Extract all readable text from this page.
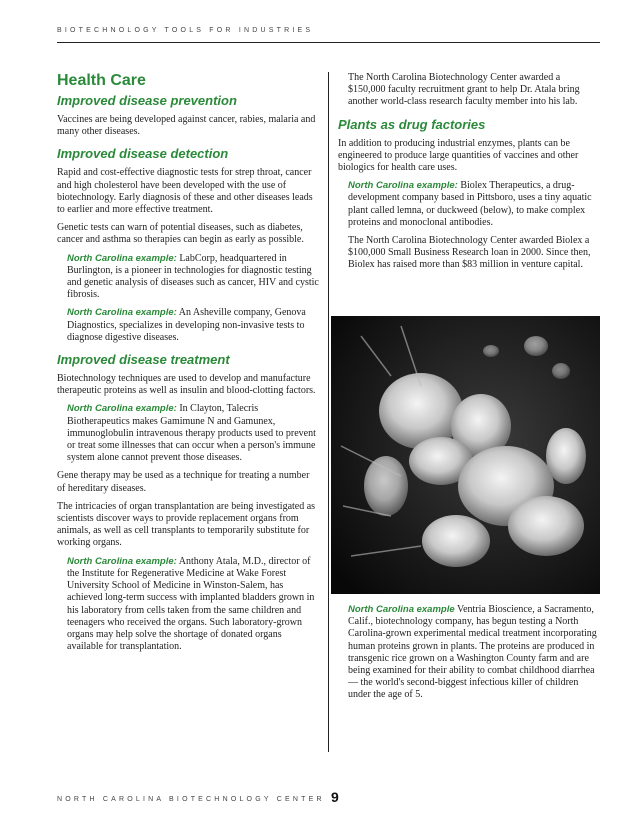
BIOTECHNOLOGY TOOLS FOR INDUSTRIES
Health Care
Improved disease prevention

Vaccines are being developed against cancer, rabies, malaria and many other diseases.

Improved disease detection

Rapid and cost-effective diagnostic tests for strep throat, cancer and high cholesterol have been developed with the use of biotechnology. Early diagnosis of these and other diseases leads to earlier and more effective treatment.

Genetic tests can warn of potential diseases, such as diabetes, cancer and asthma so therapies can begin as early as possible.

North Carolina example: LabCorp, headquartered in Burlington, is a pioneer in technologies for diagnostic testing and genetic analysis of diseases such as cancer, HIV and cystic fibrosis.

North Carolina example: An Asheville company, Genova Diagnostics, specializes in developing non-invasive tests to diagnose digestive diseases.

Improved disease treatment

Biotechnology techniques are used to develop and manufacture therapeutic proteins as well as insulin and blood-clotting factors.

North Carolina example: In Clayton, Talecris Biotherapeutics makes Gamimune N and Gamunex, immunoglobulin intravenous therapy products used to prevent or treat some illnesses that can occur when a person's immune system alone cannot prevent those diseases.

Gene therapy may be used as a technique for treating a number of hereditary diseases.

The intricacies of organ transplantation are being investigated as scientists discover ways to provide replacement organs from animals, as well as cell transplants to temporarily substitute for working organs.

North Carolina example: Anthony Atala, M.D., director of the Institute for Regenerative Medicine at Wake Forest University School of Medicine in Winston-Salem, has achieved long-term success with implanted bladders grown in his laboratory from cells taken from the same children and teenagers who received the organs. Such laboratory-grown organs may help solve the shortage of donated organs available for transplantation.

The North Carolina Biotechnology Center awarded a $150,000 faculty recruitment grant to help Dr. Atala bring another world-class research faculty member into his lab.

Plants as drug factories

In addition to producing industrial enzymes, plants can be engineered to produce large quantities of vaccines and other biologics for health care uses.

North Carolina example: Biolex Therapeutics, a drug-development company based in Pittsboro, uses a tiny aquatic plant called lemna, or duckweed (below), to make complex proteins and monoclonal antibodies.

The North Carolina Biotechnology Center awarded Biolex a $100,000 Small Business Research loan in 2000. Since then, Biolex has raised more than $83 million in venture capital.

North Carolina example Ventria Bioscience, a Sacramento, Calif., biotechnology company, has begun testing a North Carolina-grown experimental medical treatment incorporating human proteins grown in plants. The proteins are produced in transgenic rice grown on a Washington County farm and are being examined for their ability to combat childhood diarrhea — the world's second-biggest infectious killer of children under the age of 5.

NORTH CAROLINA BIOTECHNOLOGY CENTER 9
